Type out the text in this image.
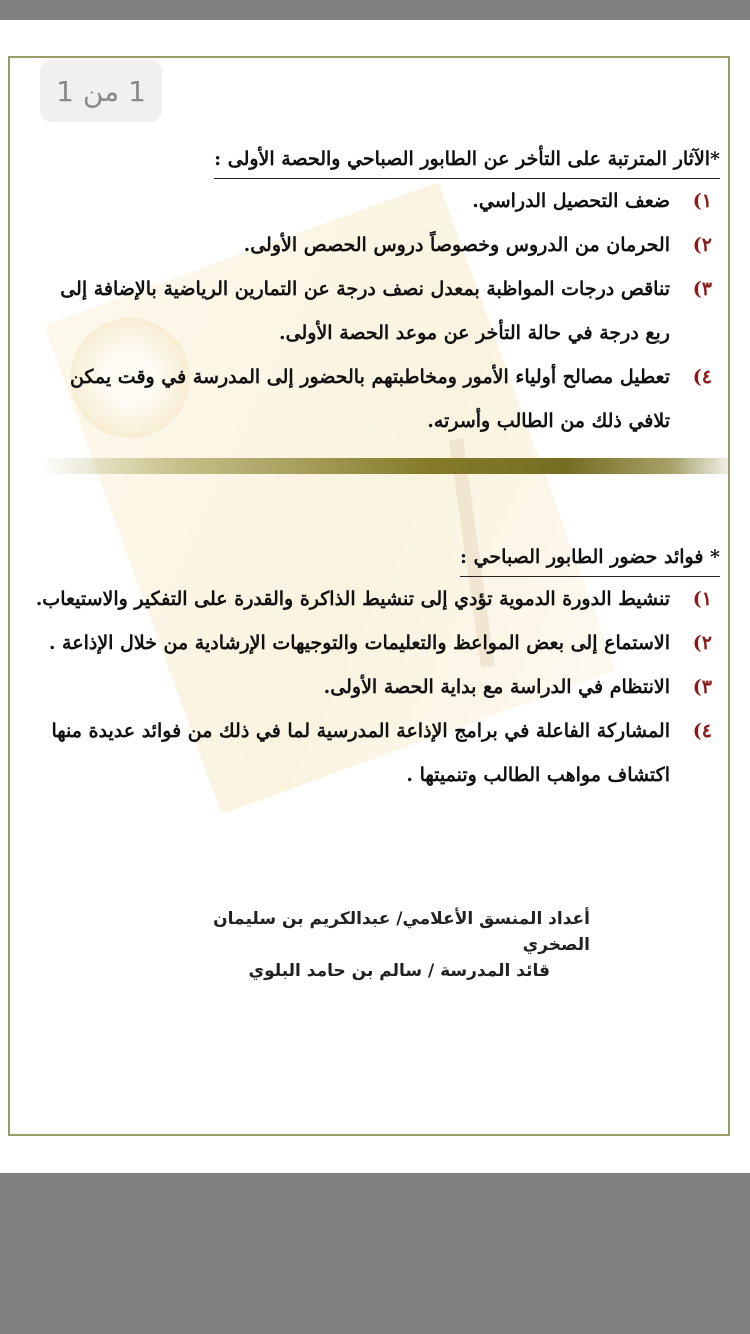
*الآثار المترتبة على التأخر عن الطابور الصباحي والحصة الأولى :
١)
ضعف التحصيل الدراسي.
٢)
الحرمان من الدروس وخصوصاً دروس الحصص الأولى.
٣)
تناقص درجات المواظبة بمعدل نصف درجة عن التمارين الرياضية بالإضافة إلى ربع درجة في حالة التأخر عن موعد الحصة الأولى.
٤)
تعطيل مصالح أولياء الأمور ومخاطبتهم بالحضور إلى المدرسة في وقت يمكن تلافي ذلك من الطالب وأسرته.
* فوائد حضور الطابور الصباحي :
١)
تنشيط الدورة الدموية تؤدي إلى تنشيط الذاكرة والقدرة على التفكير والاستيعاب.
٢)
الاستماع إلى بعض المواعظ والتعليمات والتوجيهات الإرشادية من خلال الإذاعة .
٣)
الانتظام في الدراسة مع بداية الحصة الأولى.
٤)
المشاركة الفاعلة في برامج الإذاعة المدرسية لما في ذلك من فوائد عديدة منها اكتشاف مواهب الطالب وتنميتها .
أعداد المنسق الأعلامي/ عبدالكريم بن سليمان الصخري
قائد المدرسة / سالم بن حامد البلوي
1 من 1
